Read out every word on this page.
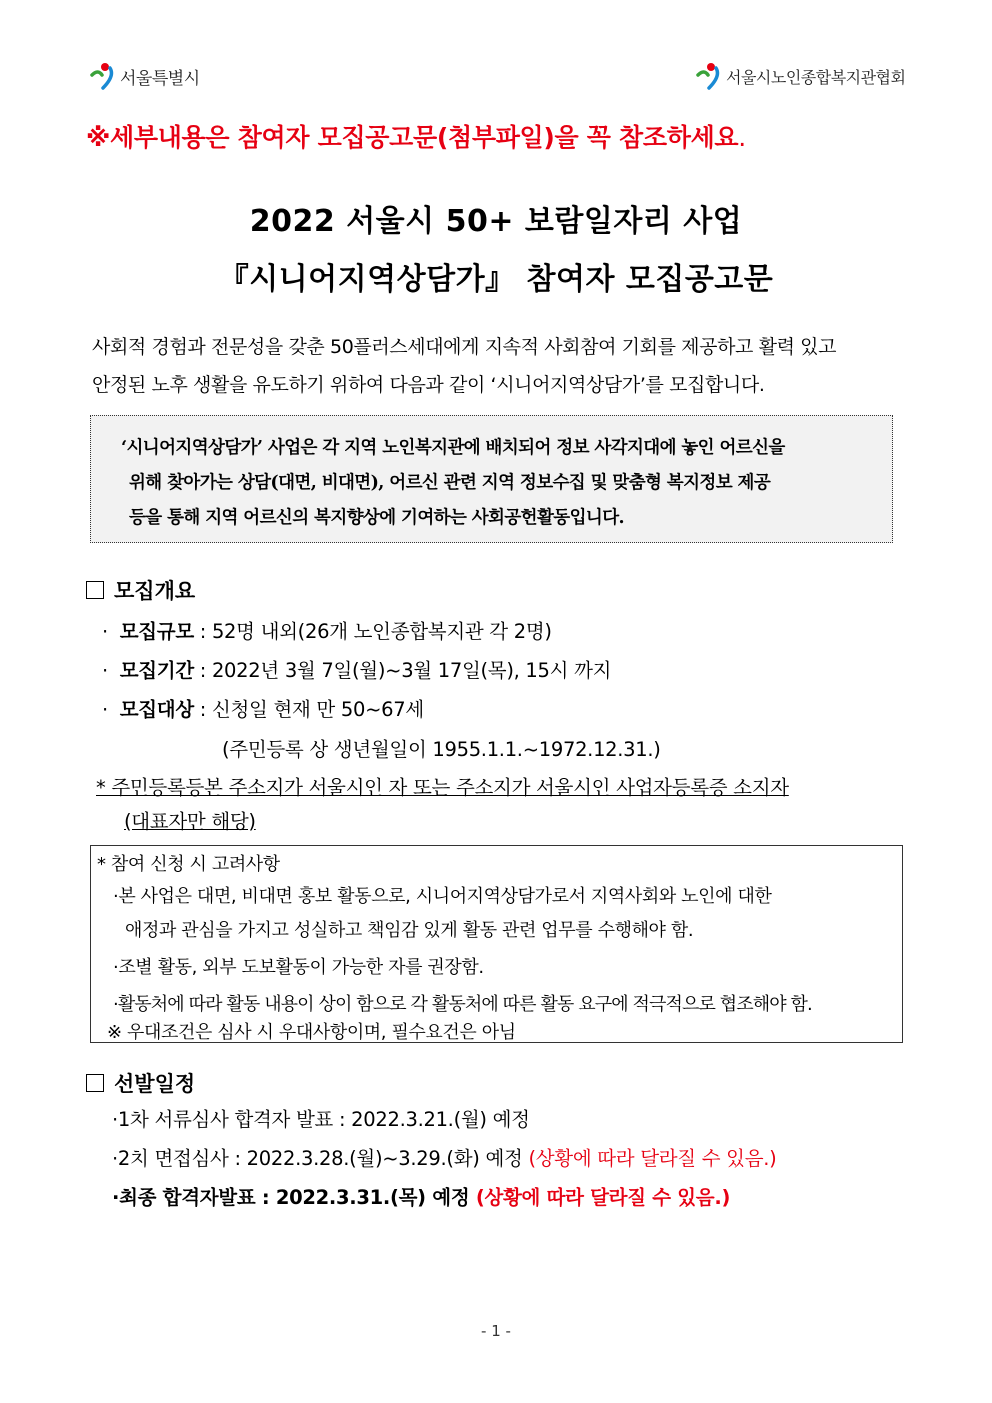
서울특별시	서울시노인종합복지관협회
※세부내용은 참여자 모집공고문(첨부파일)을 꼭 참조하세요.
2022 서울시 50+ 보람일자리 사업
『시니어지역상담가』 참여자 모집공고문
사회적 경험과 전문성을 갖춘 50플러스세대에게 지속적 사회참여 기회를 제공하고 활력 있고
안정된 노후 생활을 유도하기 위하여 다음과 같이 ‘시니어지역상담가’를 모집합니다.

‘시니어지역상담가’ 사업은 각 지역 노인복지관에 배치되어 정보 사각지대에 놓인 어르신을

위해 찾아가는 상담(대면, 비대면), 어르신 관련 지역 정보수집 및 맞춤형 복지정보 제공

등을 통해 지역 어르신의 복지향상에 기여하는 사회공헌활동입니다.

모집개요
· 모집규모 : 52명 내외(26개 노인종합복지관 각 2명)
· 모집기간 : 2022년 3월 7일(월)~3월 17일(목), 15시 까지
· 모집대상 : 신청일 현재 만 50~67세
(주민등록 상 생년월일이 1955.1.1.~1972.12.31.)
* 주민등록등본 주소지가 서울시인 자 또는 주소지가 서울시인 사업자등록증 소지자
(대표자만 해당)
* 참여 신청 시 고려사항
·본 사업은 대면, 비대면 홍보 활동으로, 시니어지역상담가로서 지역사회와 노인에 대한
애정과 관심을 가지고 성실하고 책임감 있게 활동 관련 업무를 수행해야 함.
·조별 활동, 외부 도보활동이 가능한 자를 권장함.
·활동처에 따라 활동 내용이 상이 함으로 각 활동처에 따른 활동 요구에 적극적으로 협조해야 함.
※ 우대조건은 심사 시 우대사항이며, 필수요건은 아님
선발일정
·1차 서류심사 합격자 발표 : 2022.3.21.(월) 예정
·2치 면접심사 : 2022.3.28.(월)~3.29.(화) 예정 (상황에 따라 달라질 수 있음.)
·최종 합격자발표 : 2022.3.31.(목) 예정 (상황에 따라 달라질 수 있음.)
- 1 -
